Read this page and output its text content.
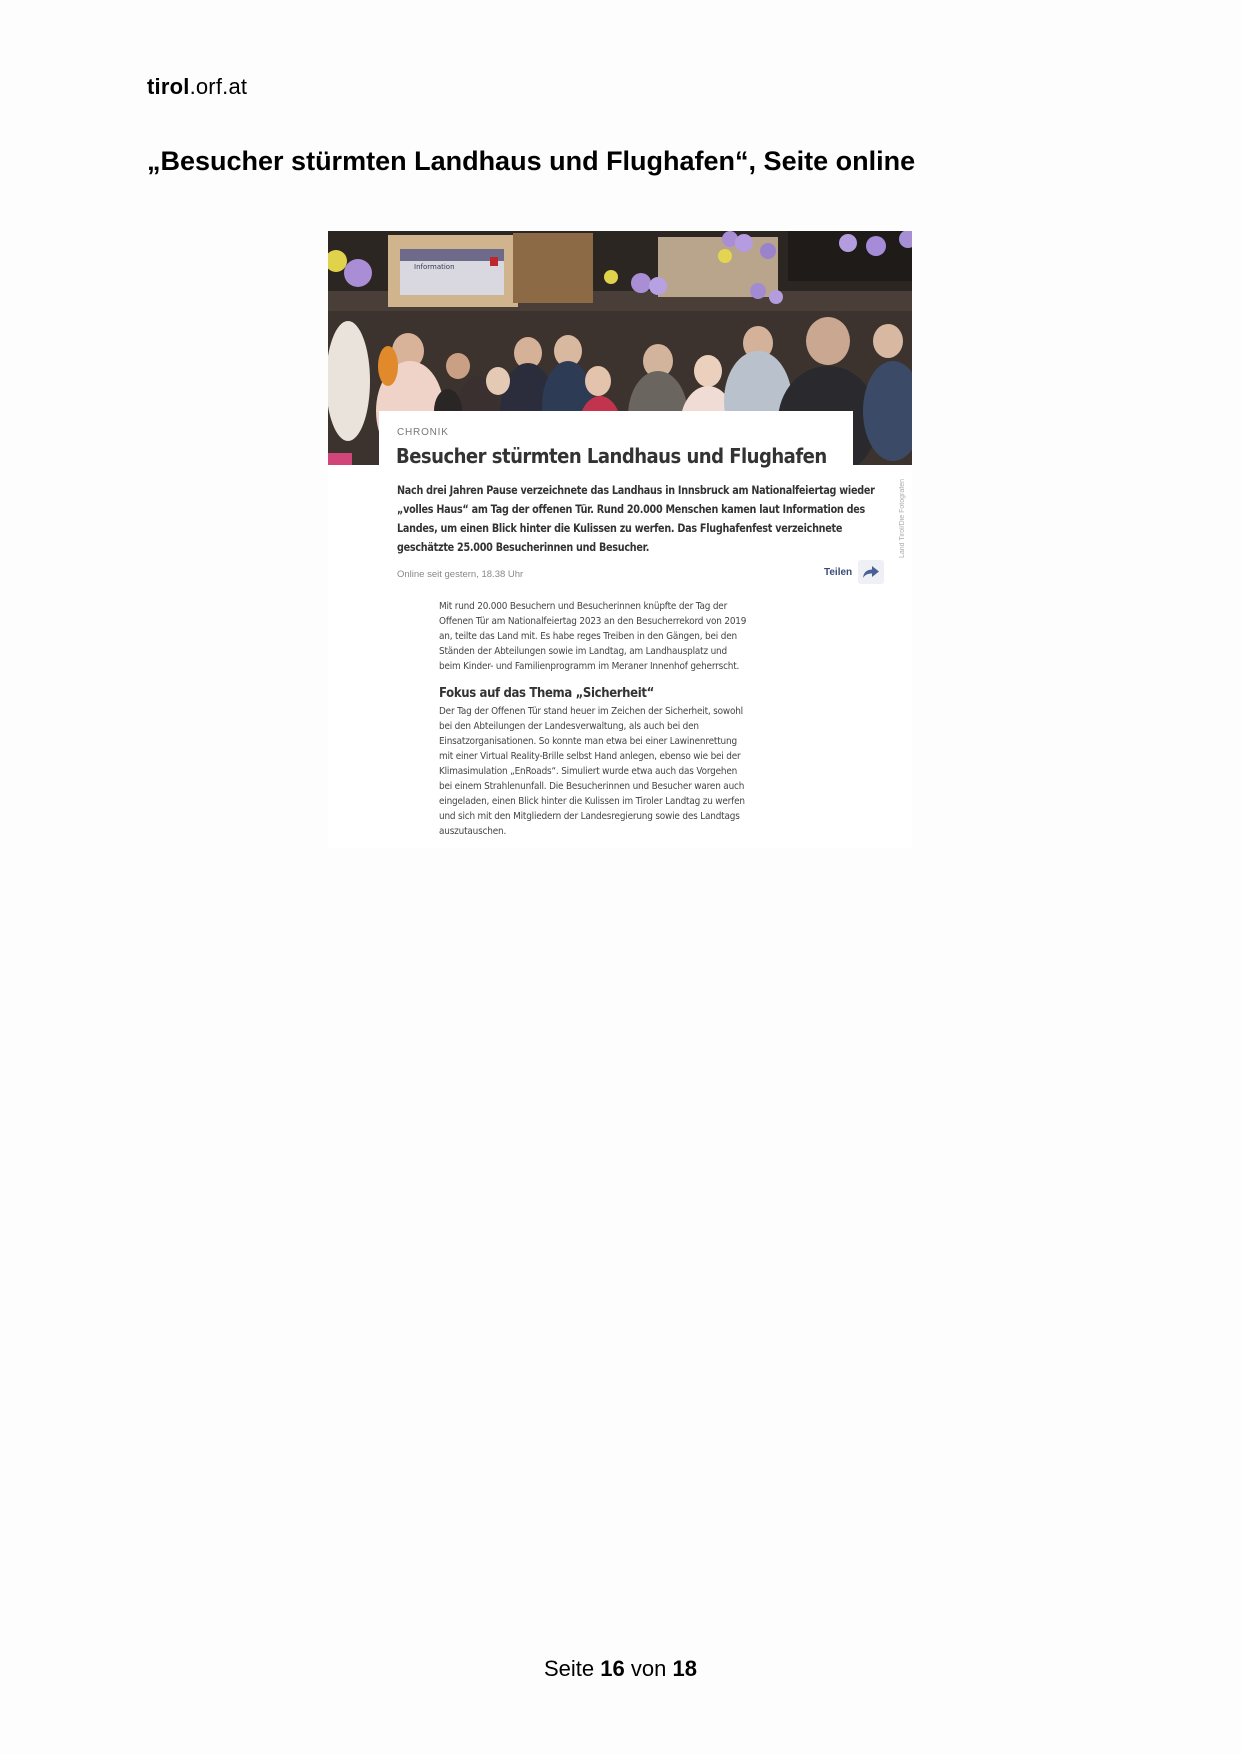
tirol.orf.at
„Besucher stürmten Landhaus und Flughafen“, Seite online
Information
CHRONIK
Besucher stürmten Landhaus und Flughafen

Nach drei Jahren Pause verzeichnete das Landhaus in Innsbruck am Nationalfeiertag wieder
„volles Haus“ am Tag der offenen Tür. Rund 20.000 Menschen kamen laut Information des
Landes, um einen Blick hinter die Kulissen zu werfen. Das Flughafenfest verzeichnete
geschätzte 25.000 Besucherinnen und Besucher.	Land Tirol/Die Fotografen
Online seit gestern, 18.38 Uhr	Teilen

Mit rund 20.000 Besuchern und Besucherinnen knüpfte der Tag der
Offenen Tür am Nationalfeiertag 2023 an den Besucherrekord von 2019
an, teilte das Land mit. Es habe reges Treiben in den Gängen, bei den
Ständen der Abteilungen sowie im Landtag, am Landhausplatz und
beim Kinder- und Familienprogramm im Meraner Innenhof geherrscht.

Fokus auf das Thema „Sicherheit“

Der Tag der Offenen Tür stand heuer im Zeichen der Sicherheit, sowohl
bei den Abteilungen der Landesverwaltung, als auch bei den
Einsatzorganisationen. So konnte man etwa bei einer Lawinenrettung
mit einer Virtual Reality-Brille selbst Hand anlegen, ebenso wie bei der
Klimasimulation „EnRoads“. Simuliert wurde etwa auch das Vorgehen
bei einem Strahlenunfall. Die Besucherinnen und Besucher waren auch
eingeladen, einen Blick hinter die Kulissen im Tiroler Landtag zu werfen
und sich mit den Mitgliedern der Landesregierung sowie des Landtags
auszutauschen.

Seite 16 von 18
